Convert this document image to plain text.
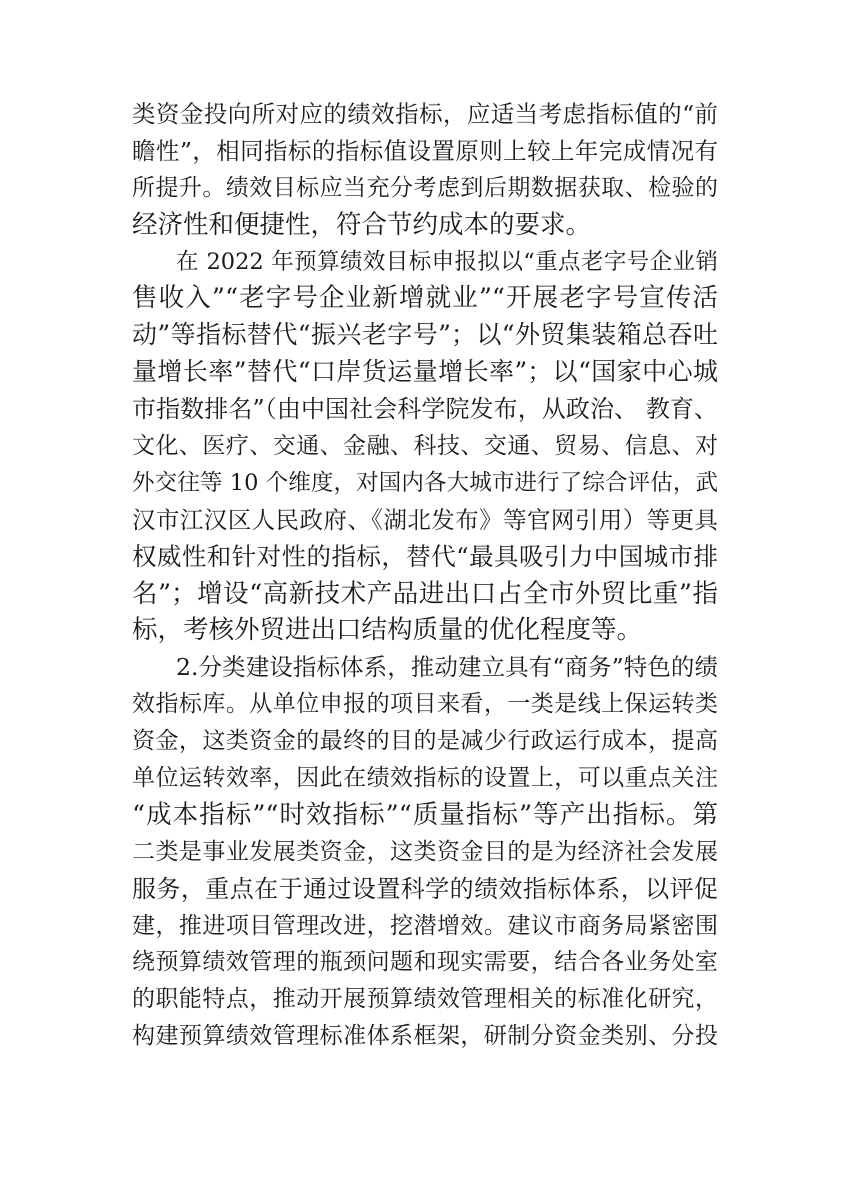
类资金投向所对应的绩效指标，应适当考虑指标值的“前
瞻性”，相同指标的指标值设置原则上较上年完成情况有
所提升。绩效目标应当充分考虑到后期数据获取、检验的
经济性和便捷性，符合节约成本的要求。
在 2022 年预算绩效目标申报拟以“重点老字号企业销
售收入”“老字号企业新增就业”“开展老字号宣传活
动”等指标替代“振兴老字号”；以“外贸集装箱总吞吐
量增长率”替代“口岸货运量增长率”；以“国家中心城
市指数排名”（由中国社会科学院发布，从政治、 教育、
文化、医疗、交通、金融、科技、交通、贸易、信息、对
外交往等 10 个维度，对国内各大城市进行了综合评估，武
汉市江汉区人民政府、《湖北发布》等官网引用）等更具
权威性和针对性的指标，替代“最具吸引力中国城市排
名”；增设“高新技术产品进出口占全市外贸比重”指
标，考核外贸进出口结构质量的优化程度等。
2.分类建设指标体系，推动建立具有“商务”特色的绩
效指标库。从单位申报的项目来看，一类是线上保运转类
资金，这类资金的最终的目的是减少行政运行成本，提高
单位运转效率，因此在绩效指标的设置上，可以重点关注
“成本指标”“时效指标”“质量指标”等产出指标。第
二类是事业发展类资金，这类资金目的是为经济社会发展
服务，重点在于通过设置科学的绩效指标体系，以评促
建，推进项目管理改进，挖潜增效。建议市商务局紧密围
绕预算绩效管理的瓶颈问题和现实需要，结合各业务处室
的职能特点，推动开展预算绩效管理相关的标准化研究，
构建预算绩效管理标准体系框架，研制分资金类别、分投
